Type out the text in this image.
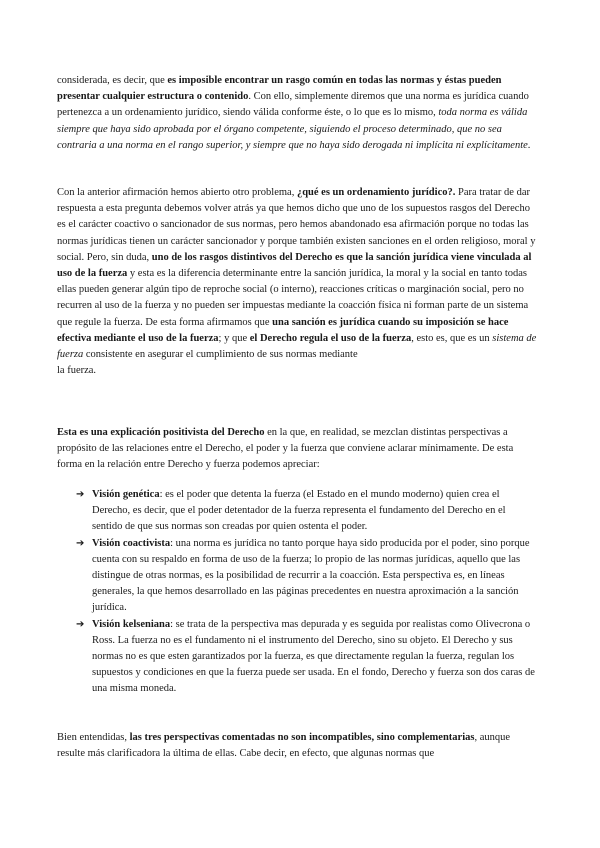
considerada, es decir, que es imposible encontrar un rasgo común en todas las normas y éstas pueden presentar cualquier estructura o contenido. Con ello, simplemente diremos que una norma es jurídica cuando pertenezca a un ordenamiento jurídico, siendo válida conforme éste, o lo que es lo mismo, toda norma es válida siempre que haya sido aprobada por el órgano competente, siguiendo el proceso determinado, que no sea contraria a una norma en el rango superior, y siempre que no haya sido derogada ni implícita ni explícitamente.

Con la anterior afirmación hemos abierto otro problema, ¿qué es un ordenamiento jurídico?. Para tratar de dar respuesta a esta pregunta debemos volver atrás ya que hemos dicho que uno de los supuestos rasgos del Derecho es el carácter coactivo o sancionador de sus normas, pero hemos abandonado esa afirmación porque no todas las normas jurídicas tienen un carácter sancionador y porque también existen sanciones en el orden religioso, moral y social. Pero, sin duda, uno de los rasgos distintivos del Derecho es que la sanción jurídica viene vinculada al uso de la fuerza y esta es la diferencia determinante entre la sanción jurídica, la moral y la social en tanto todas ellas pueden generar algún tipo de reproche social (o interno), reacciones críticas o marginación social, pero no recurren al uso de la fuerza y no pueden ser impuestas mediante la coacción física ni forman parte de un sistema que regule la fuerza. De esta forma afirmamos que una sanción es jurídica cuando su imposición se hace efectiva mediante el uso de la fuerza; y que el Derecho regula el uso de la fuerza, esto es, que es un sistema de fuerza consistente en asegurar el cumplimiento de sus normas mediante
la fuerza.

Esta es una explicación positivista del Derecho en la que, en realidad, se mezclan distintas perspectivas a propósito de las relaciones entre el Derecho, el poder y la fuerza que conviene aclarar mínimamente. De esta forma en la relación entre Derecho y fuerza podemos apreciar:

➔ Visión genética: es el poder que detenta la fuerza (el Estado en el mundo moderno) quien crea el Derecho, es decir, que el poder detentador de la fuerza representa el fundamento del Derecho en el sentido de que sus normas son creadas por quien ostenta el poder.
➔ Visión coactivista: una norma es jurídica no tanto porque haya sido producida por el poder, sino porque cuenta con su respaldo en forma de uso de la fuerza; lo propio de las normas jurídicas, aquello que las distingue de otras normas, es la posibilidad de recurrir a la coacción. Esta perspectiva es, en líneas generales, la que hemos desarrollado en las páginas precedentes en nuestra aproximación a la sanción jurídica.
➔ Visión kelseniana: se trata de la perspectiva mas depurada y es seguida por realistas como Olivecrona o Ross. La fuerza no es el fundamento ni el instrumento del Derecho, sino su objeto. El Derecho y sus normas no es que esten garantizados por la fuerza, es que directamente regulan la fuerza, regulan los supuestos y condiciones en que la fuerza puede ser usada. En el fondo, Derecho y fuerza son dos caras de una misma moneda.

Bien entendidas, las tres perspectivas comentadas no son incompatibles, sino complementarias, aunque resulte más clarificadora la última de ellas. Cabe decir, en efecto, que algunas normas que
